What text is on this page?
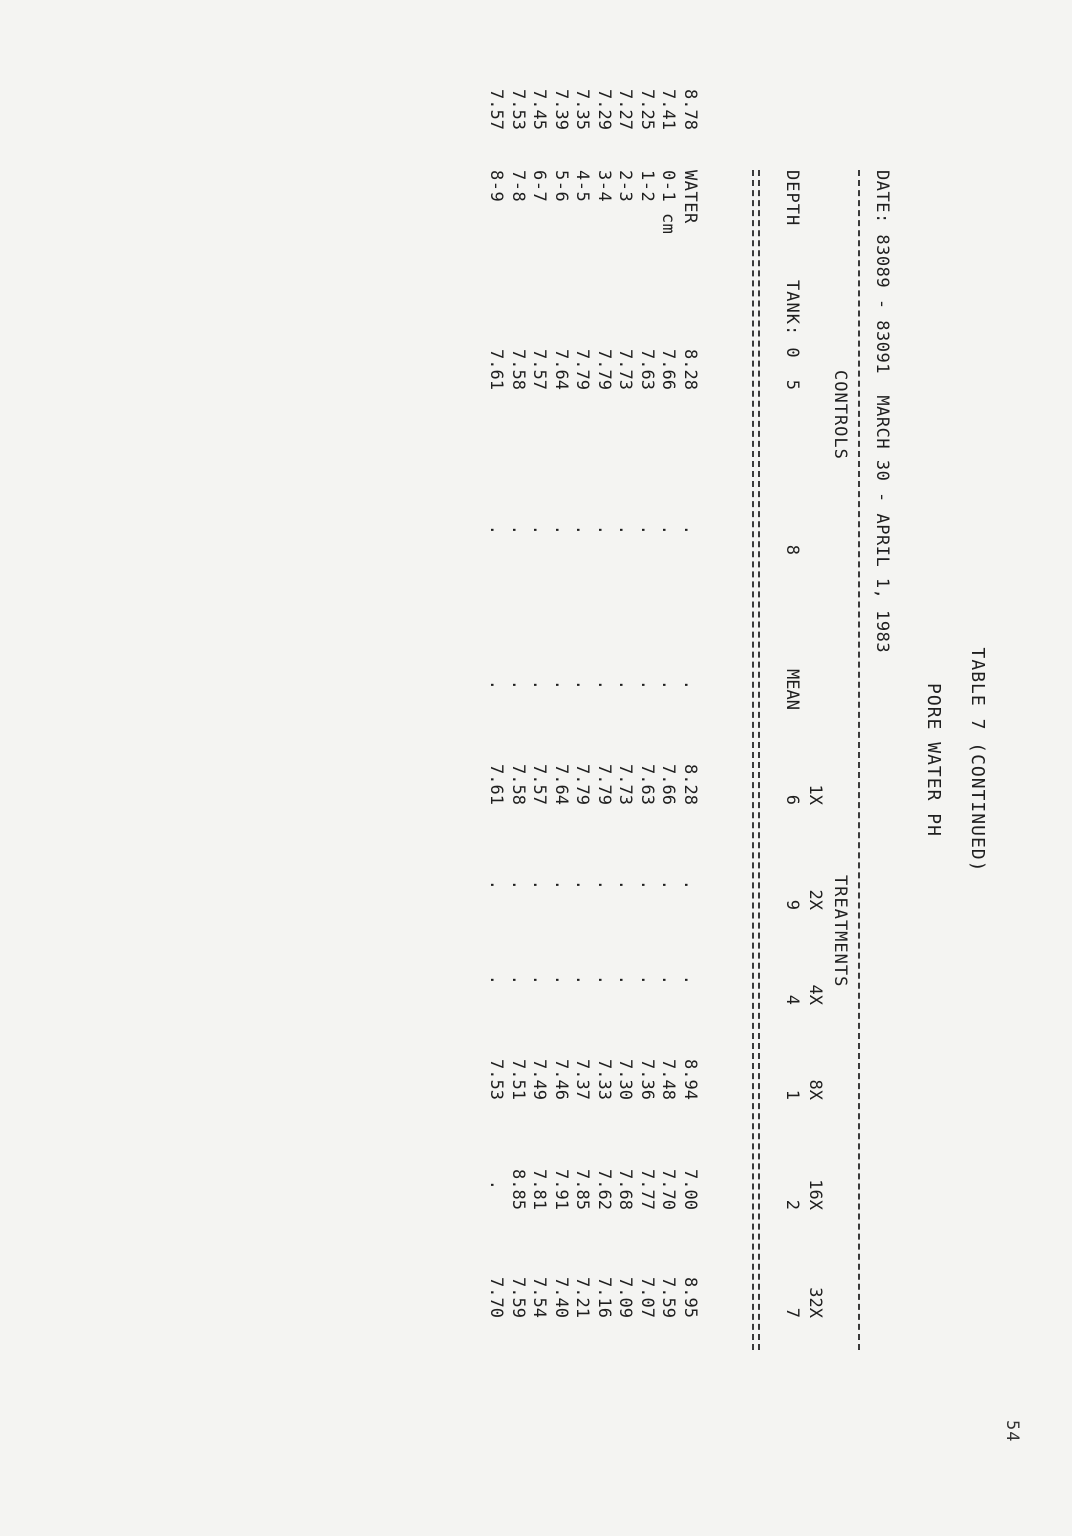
54
TABLE 7 (CONTINUED)
PORE WATER PH
DATE: 83089 - 83091  MARCH 30 - APRIL 1, 1983
CONTROLS
TREATMENTS
DEPTH
TANK: 0
5
8
MEAN
1X
6
2X
9
4X
4
8X
1
16X
2
32X
7
WATER
8.28
.
.
8.28
.
.
8.94
7.00
8.95
8.78
0-1 cm
7.66
.
.
7.66
.
.
7.48
7.70
7.59
7.41
1-2
7.63
.
.
7.63
.
.
7.36
7.77
7.07
7.25
2-3
7.73
.
.
7.73
.
.
7.30
7.68
7.09
7.27
3-4
7.79
.
.
7.79
.
.
7.33
7.62
7.16
7.29
4-5
7.79
.
.
7.79
.
.
7.37
7.85
7.21
7.35
5-6
7.64
.
.
7.64
.
.
7.46
7.91
7.40
7.39
6-7
7.57
.
.
7.57
.
.
7.49
7.81
7.54
7.45
7-8
7.58
.
.
7.58
.
.
7.51
8.85
7.59
7.53
8-9
7.61
.
.
7.61
.
.
7.53
.
7.70
7.57
